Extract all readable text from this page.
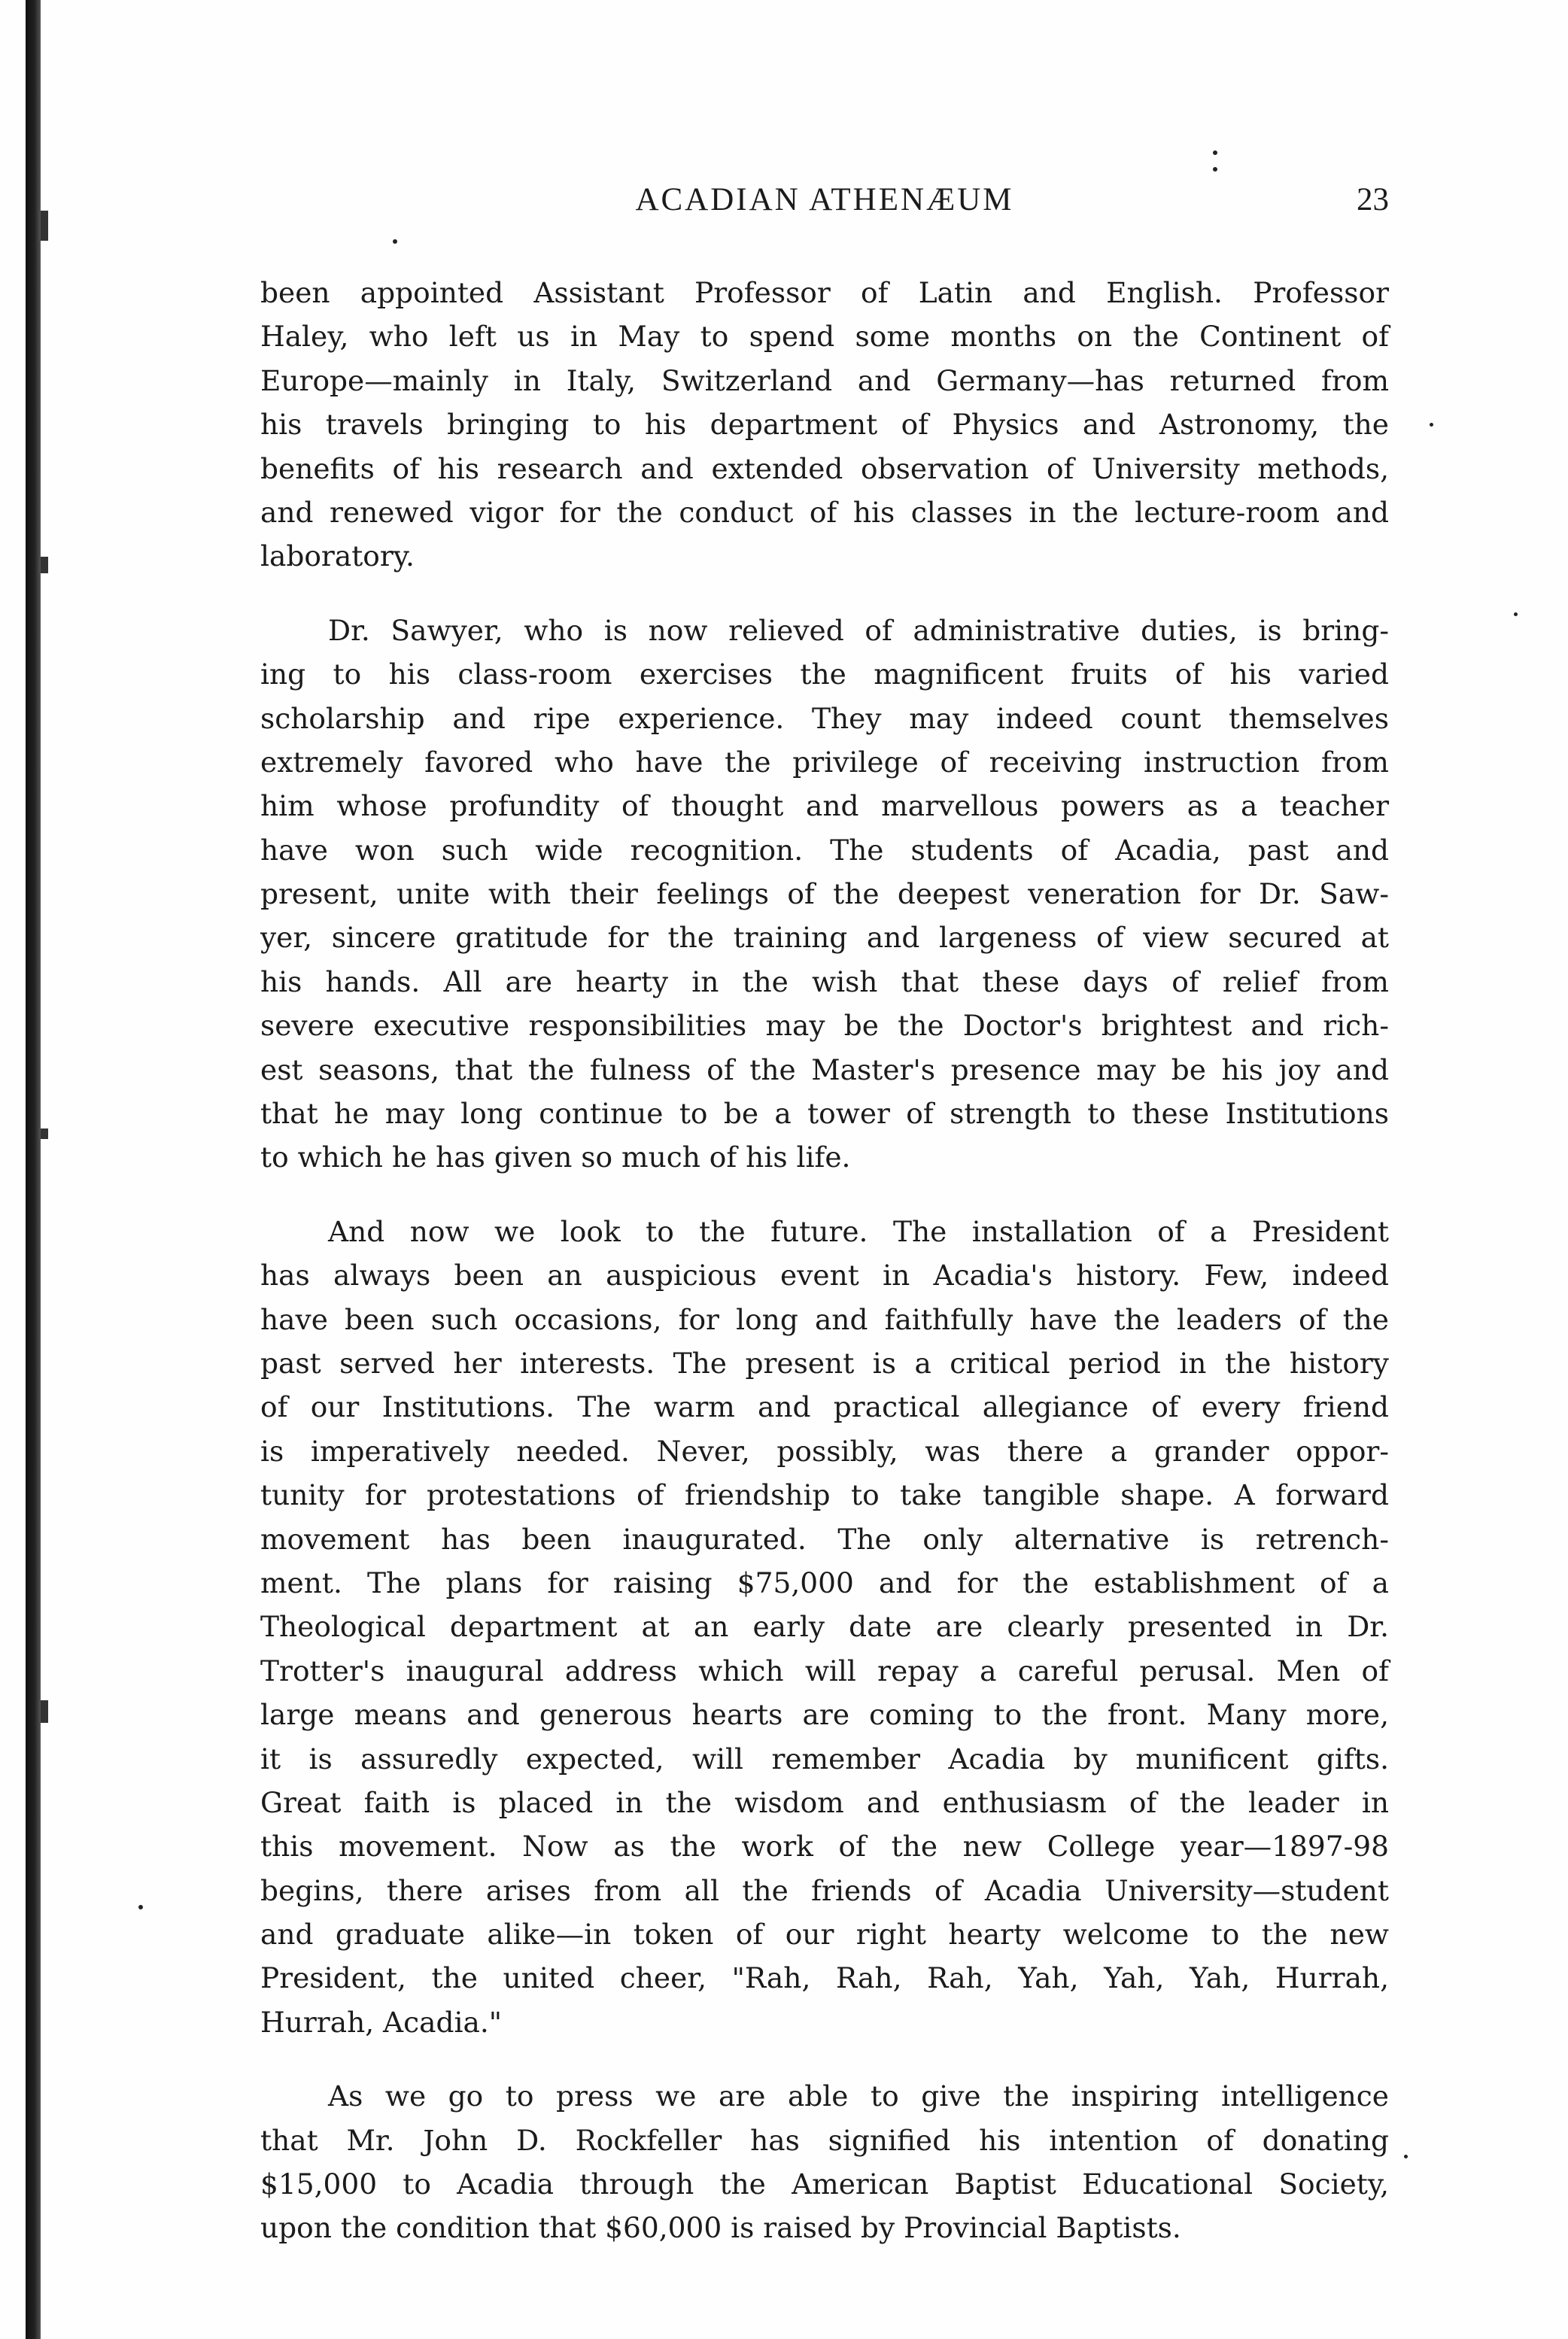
ACADIAN ATHENÆUM	23

been appointed Assistant Professor of Latin and English. Professor
Haley, who left us in May to spend some months on the Continent of
Europe—mainly in Italy, Switzerland and Germany—has returned from
his travels bringing to his department of Physics and Astronomy, the
benefits of his research and extended observation of University methods,
and renewed vigor for the conduct of his classes in the lecture-room and
laboratory.

Dr. Sawyer, who is now relieved of administrative duties, is bring-
ing to his class-room exercises the magnificent fruits of his varied
scholarship and ripe experience. They may indeed count themselves
extremely favored who have the privilege of receiving instruction from
him whose profundity of thought and marvellous powers as a teacher
have won such wide recognition. The students of Acadia, past and
present, unite with their feelings of the deepest veneration for Dr. Saw-
yer, sincere gratitude for the training and largeness of view secured at
his hands. All are hearty in the wish that these days of relief from
severe executive responsibilities may be the Doctor's brightest and rich-
est seasons, that the fulness of the Master's presence may be his joy and
that he may long continue to be a tower of strength to these Institutions
to which he has given so much of his life.

And now we look to the future. The installation of a President
has always been an auspicious event in Acadia's history. Few, indeed
have been such occasions, for long and faithfully have the leaders of the
past served her interests. The present is a critical period in the history
of our Institutions. The warm and practical allegiance of every friend
is imperatively needed. Never, possibly, was there a grander oppor-
tunity for protestations of friendship to take tangible shape. A forward
movement has been inaugurated. The only alternative is retrench-
ment. The plans for raising $75,000 and for the establishment of a
Theological department at an early date are clearly presented in Dr.
Trotter's inaugural address which will repay a careful perusal. Men of
large means and generous hearts are coming to the front. Many more,
it is assuredly expected, will remember Acadia by munificent gifts.
Great faith is placed in the wisdom and enthusiasm of the leader in
this movement. Now as the work of the new College year—1897-98
begins, there arises from all the friends of Acadia University—student
and graduate alike—in token of our right hearty welcome to the new
President, the united cheer, "Rah, Rah, Rah, Yah, Yah, Yah, Hurrah,
Hurrah, Acadia."

As we go to press we are able to give the inspiring intelligence
that Mr. John D. Rockfeller has signified his intention of donating
$15,000 to Acadia through the American Baptist Educational Society,
upon the condition that $60,000 is raised by Provincial Baptists.
